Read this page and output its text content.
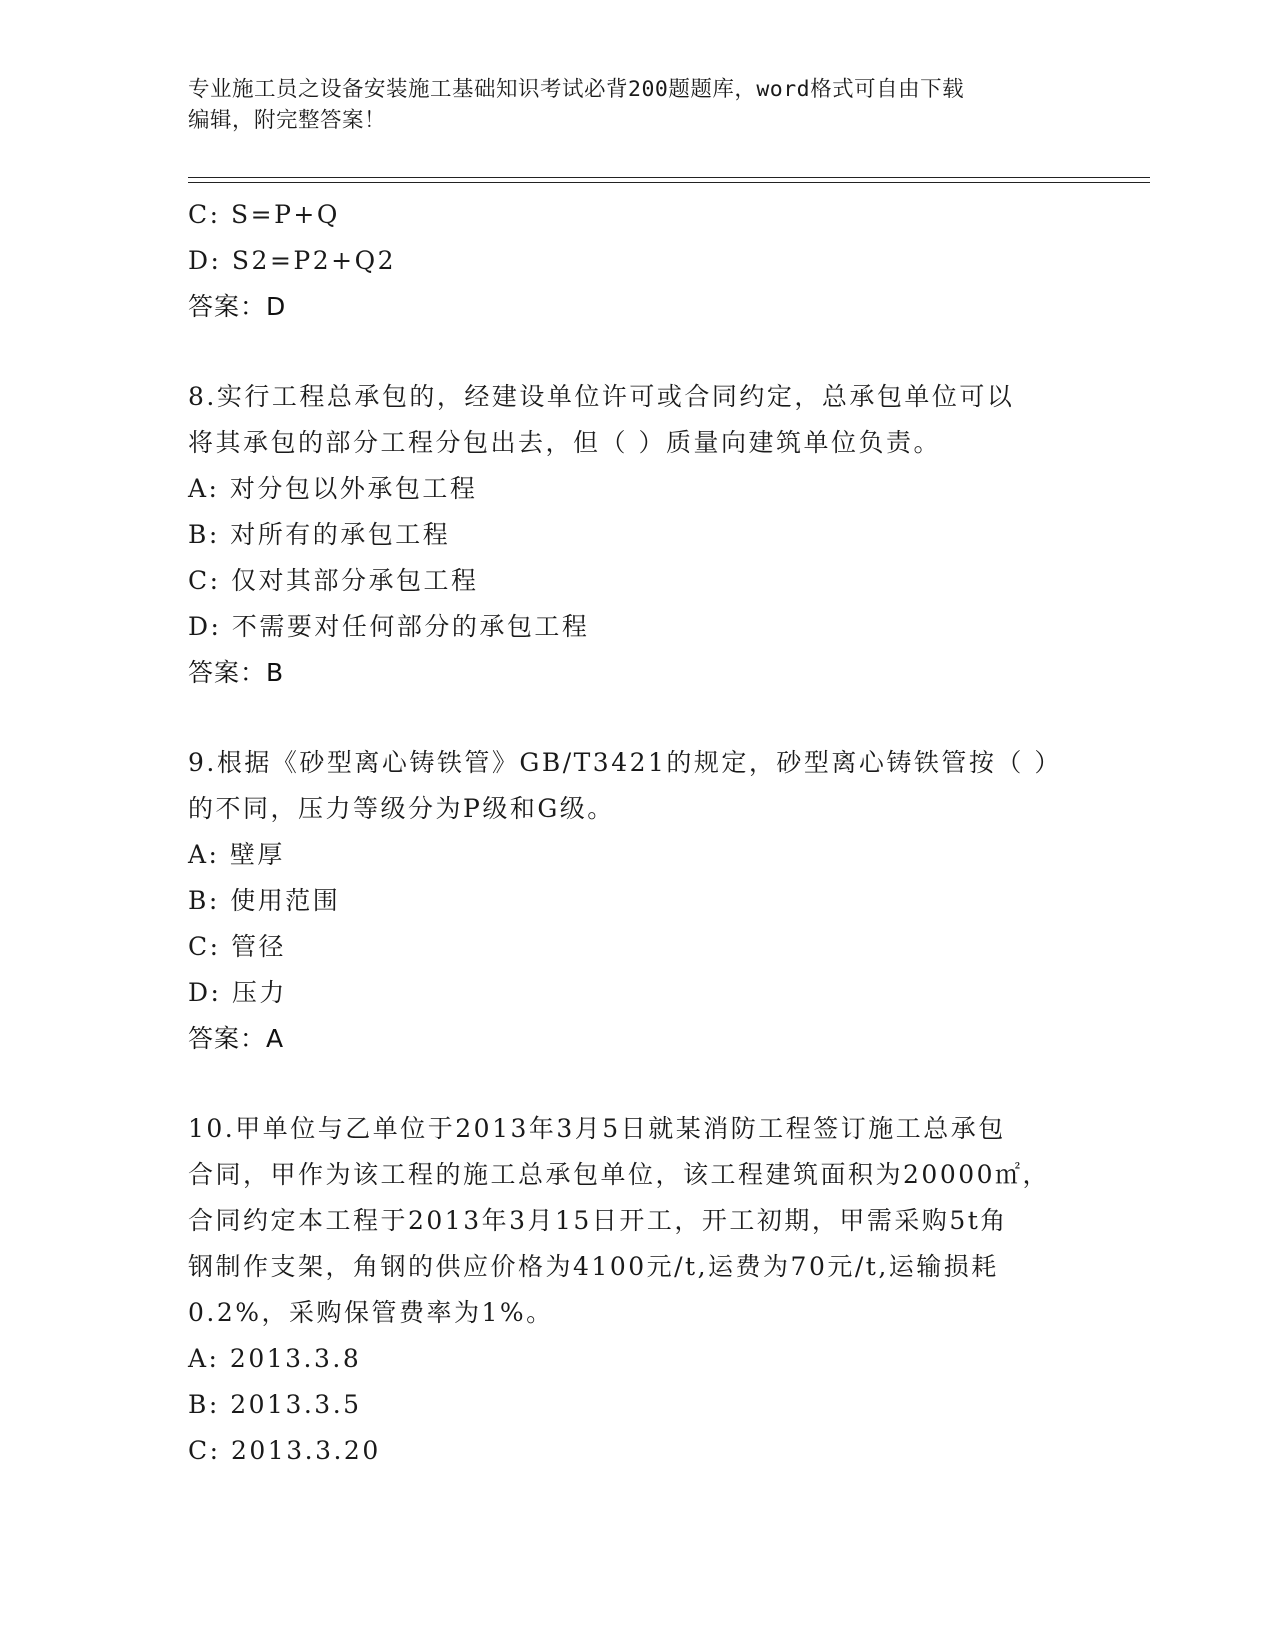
专业施工员之设备安装施工基础知识考试必背200题题库，word格式可自由下载
编辑，附完整答案！
C: S=P+Q
D: S2=P2+Q2
答案：D
8.实行工程总承包的，经建设单位许可或合同约定，总承包单位可以
将其承包的部分工程分包出去，但（ ）质量向建筑单位负责。
A: 对分包以外承包工程
B: 对所有的承包工程
C: 仅对其部分承包工程
D: 不需要对任何部分的承包工程
答案：B
9.根据《砂型离心铸铁管》GB/T3421的规定，砂型离心铸铁管按（ ）
的不同，压力等级分为P级和G级。
A: 壁厚
B: 使用范围
C: 管径
D: 压力
答案：A
10.甲单位与乙单位于2013年3月5日就某消防工程签订施工总承包
合同，甲作为该工程的施工总承包单位，该工程建筑面积为20000㎡，
合同约定本工程于2013年3月15日开工，开工初期，甲需采购5t角
钢制作支架，角钢的供应价格为4100元/t,运费为70元/t,运输损耗
0.2%，采购保管费率为1%。
A: 2013.3.8
B: 2013.3.5
C: 2013.3.20
